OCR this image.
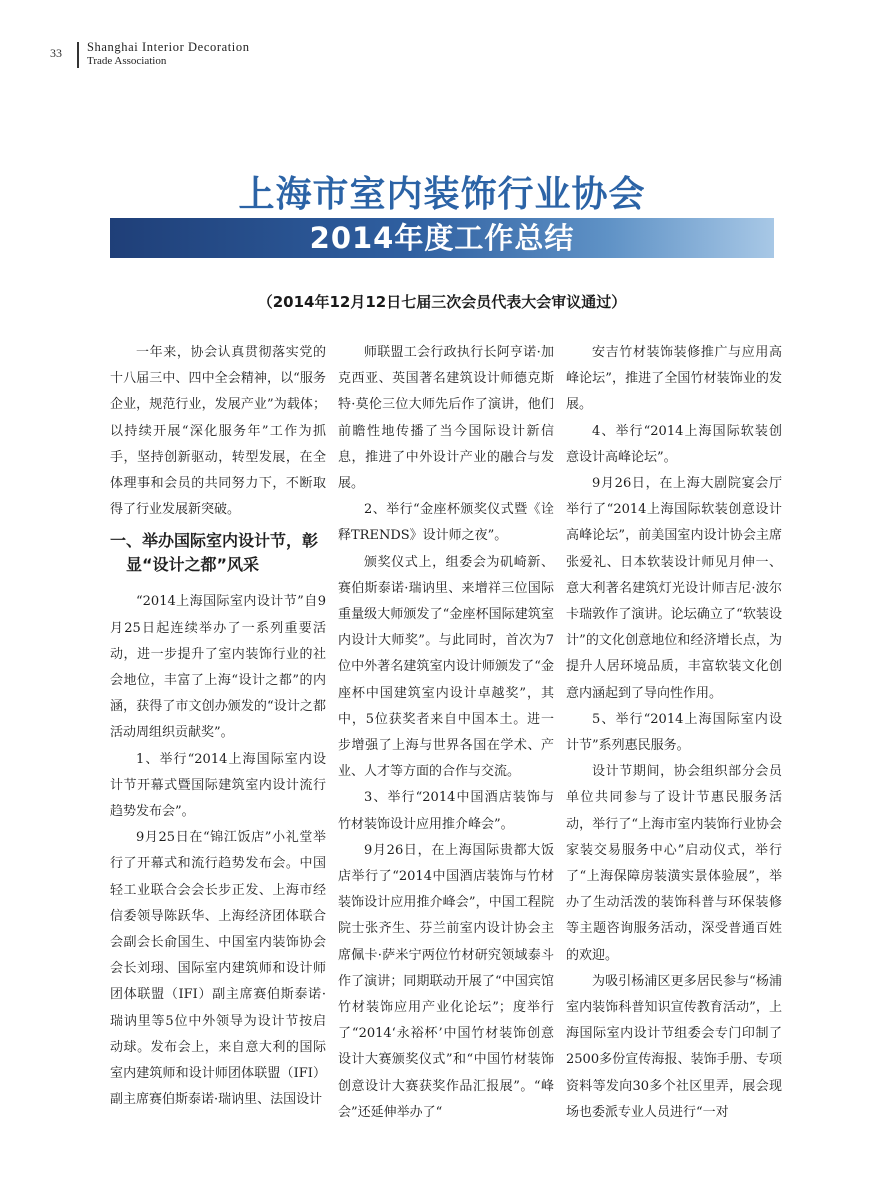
33 Shanghai Interior Decoration
Trade Association
上海市室内装饰行业协会
2014年度工作总结
（2014年12月12日七届三次会员代表大会审议通过）

一年来，协会认真贯彻落实党的十八届三中、四中全会精神，以“服务企业，规范行业，发展产业”为载体；以持续开展“深化服务年”工作为抓手，坚持创新驱动，转型发展，在全体理事和会员的共同努力下，不断取得了行业发展新突破。

一、举办国际室内设计节，彰显“设计之都”风采

“2014上海国际室内设计节”自9月25日起连续举办了一系列重要活动，进一步提升了室内装饰行业的社会地位，丰富了上海“设计之都”的内涵，获得了市文创办颁发的“设计之都活动周组织贡献奖”。

1、举行“2014上海国际室内设计节开幕式暨国际建筑室内设计流行趋势发布会”。

9月25日在“锦江饭店”小礼堂举行了开幕式和流行趋势发布会。中国轻工业联合会会长步正发、上海市经信委领导陈跃华、上海经济团体联合会副会长俞国生、中国室内装饰协会会长刘珝、国际室内建筑师和设计师团体联盟（IFI）副主席赛伯斯泰诺·瑞讷里等5位中外领导为设计节按启动球。发布会上，来自意大利的国际室内建筑师和设计师团体联盟（IFI）副主席赛伯斯泰诺·瑞讷里、法国设计

师联盟工会行政执行长阿亨诺·加克西亚、英国著名建筑设计师德克斯特·莫伦三位大师先后作了演讲，他们前瞻性地传播了当今国际设计新信息，推进了中外设计产业的融合与发展。

2、举行“金座杯颁奖仪式暨《诠释TRENDS》设计师之夜”。

颁奖仪式上，组委会为矶崎新、赛伯斯泰诺·瑞讷里、来增祥三位国际重量级大师颁发了“金座杯国际建筑室内设计大师奖”。与此同时，首次为7位中外著名建筑室内设计师颁发了“金座杯中国建筑室内设计卓越奖”，其中，5位获奖者来自中国本土。进一步增强了上海与世界各国在学术、产业、人才等方面的合作与交流。

3、举行“2014中国酒店装饰与竹材装饰设计应用推介峰会”。

9月26日，在上海国际贵都大饭店举行了“2014中国酒店装饰与竹材装饰设计应用推介峰会”，中国工程院院士张齐生、芬兰前室内设计协会主席佩卡·萨米宁两位竹材研究领域泰斗作了演讲；同期联动开展了“中国宾馆竹材装饰应用产业化论坛”；度举行了“2014‘永裕杯’中国竹材装饰创意设计大赛颁奖仪式”和“中国竹材装饰创意设计大赛获奖作品汇报展”。“峰会”还延伸举办了“

安吉竹材装饰装修推广与应用高峰论坛”，推进了全国竹材装饰业的发展。

4、举行“2014上海国际软装创意设计高峰论坛”。

9月26日，在上海大剧院宴会厅举行了“2014上海国际软装创意设计高峰论坛”，前美国室内设计协会主席张爱礼、日本软装设计师见月伸一、意大利著名建筑灯光设计师吉尼·波尔卡瑞敦作了演讲。论坛确立了“软装设计”的文化创意地位和经济增长点，为提升人居环境品质，丰富软装文化创意内涵起到了导向性作用。

5、举行“2014上海国际室内设计节”系列惠民服务。

设计节期间，协会组织部分会员单位共同参与了设计节惠民服务活动，举行了“上海市室内装饰行业协会家装交易服务中心”启动仪式，举行了“上海保障房装潢实景体验展”，举办了生动活泼的装饰科普与环保装修等主题咨询服务活动，深受普通百姓的欢迎。

为吸引杨浦区更多居民参与“杨浦室内装饰科普知识宣传教育活动”，上海国际室内设计节组委会专门印制了2500多份宣传海报、装饰手册、专项资料等发向30多个社区里弄，展会现场也委派专业人员进行“一对
